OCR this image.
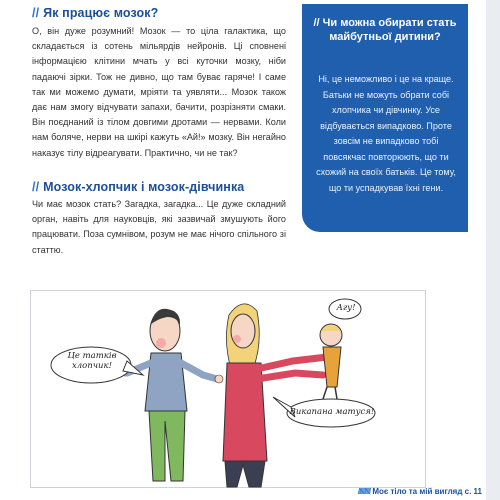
// Як працює мозок?

О, він дуже розумний! Мозок — то ціла галактика, що складається із сотень мільярдів нейронів. Ці сповнені інформацією клітини мчать у всі куточки мозку, ніби падаючі зірки. Тож не дивно, що там буває гаряче! І саме так ми можемо думати, мріяти та уявляти... Мозок також дає нам змогу відчувати запахи, бачити, розрізняти смаки. Він поєднаний із тілом довгими дротами — нервами. Коли нам боляче, нерви на шкірі кажуть «Ай!» мозку. Він негайно наказує тілу відреагувати. Практично, чи не так?

// Мозок-хлопчик і мозок-дівчинка

Чи має мозок стать? Загадка, загадка... Це дуже складний орган, навіть для науковців, які зазвичай змушують його працювати. Поза сумнівом, розум не має нічого спільного зі статтю.

// Чи можна обирати стать майбутньої дитини?
Ні, це неможливо і це на краще. Батьки не можуть обрати собі хлопчика чи дівчинку. Усе відбувається випадково. Проте зовсім не випадково тобі повсякчас повторюють, що ти схожий на своїх батьків. Це тому, що ти успадкував їхні гени.
Це татків хлопчик!
Агу!
Викапана матуся!
////////// Моє тіло та мій вигляд с. 11
